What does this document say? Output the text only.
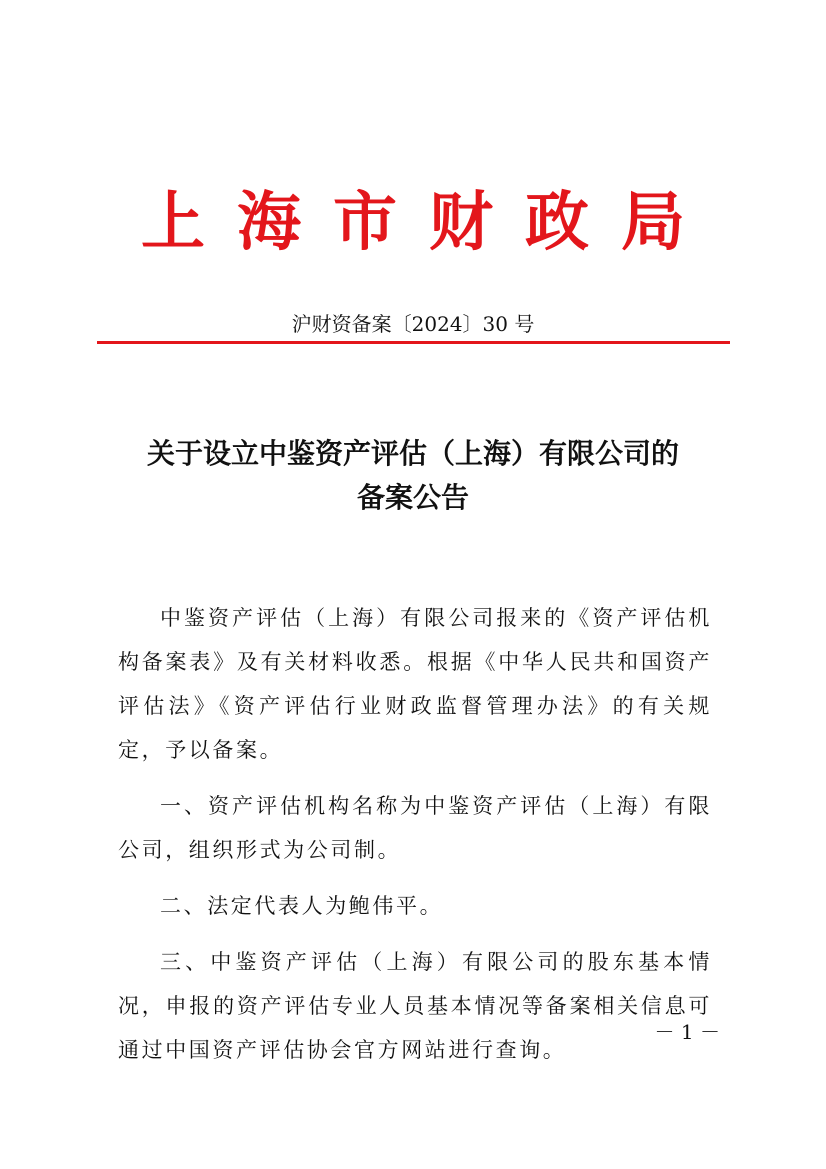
上 海 市 财 政 局
沪财资备案〔2024〕30 号
关于设立中鉴资产评估（上海）有限公司的
备案公告

中鉴资产评估（上海）有限公司报来的《资产评估机构备案表》及有关材料收悉。根据《中华人民共和国资产评估法》《资产评估行业财政监督管理办法》的有关规定，予以备案。

一、资产评估机构名称为中鉴资产评估（上海）有限公司，组织形式为公司制。

二、法定代表人为鲍伟平。

三、中鉴资产评估（上海）有限公司的股东基本情况，申报的资产评估专业人员基本情况等备案相关信息可通过中国资产评估协会官方网站进行查询。

－ 1 －
